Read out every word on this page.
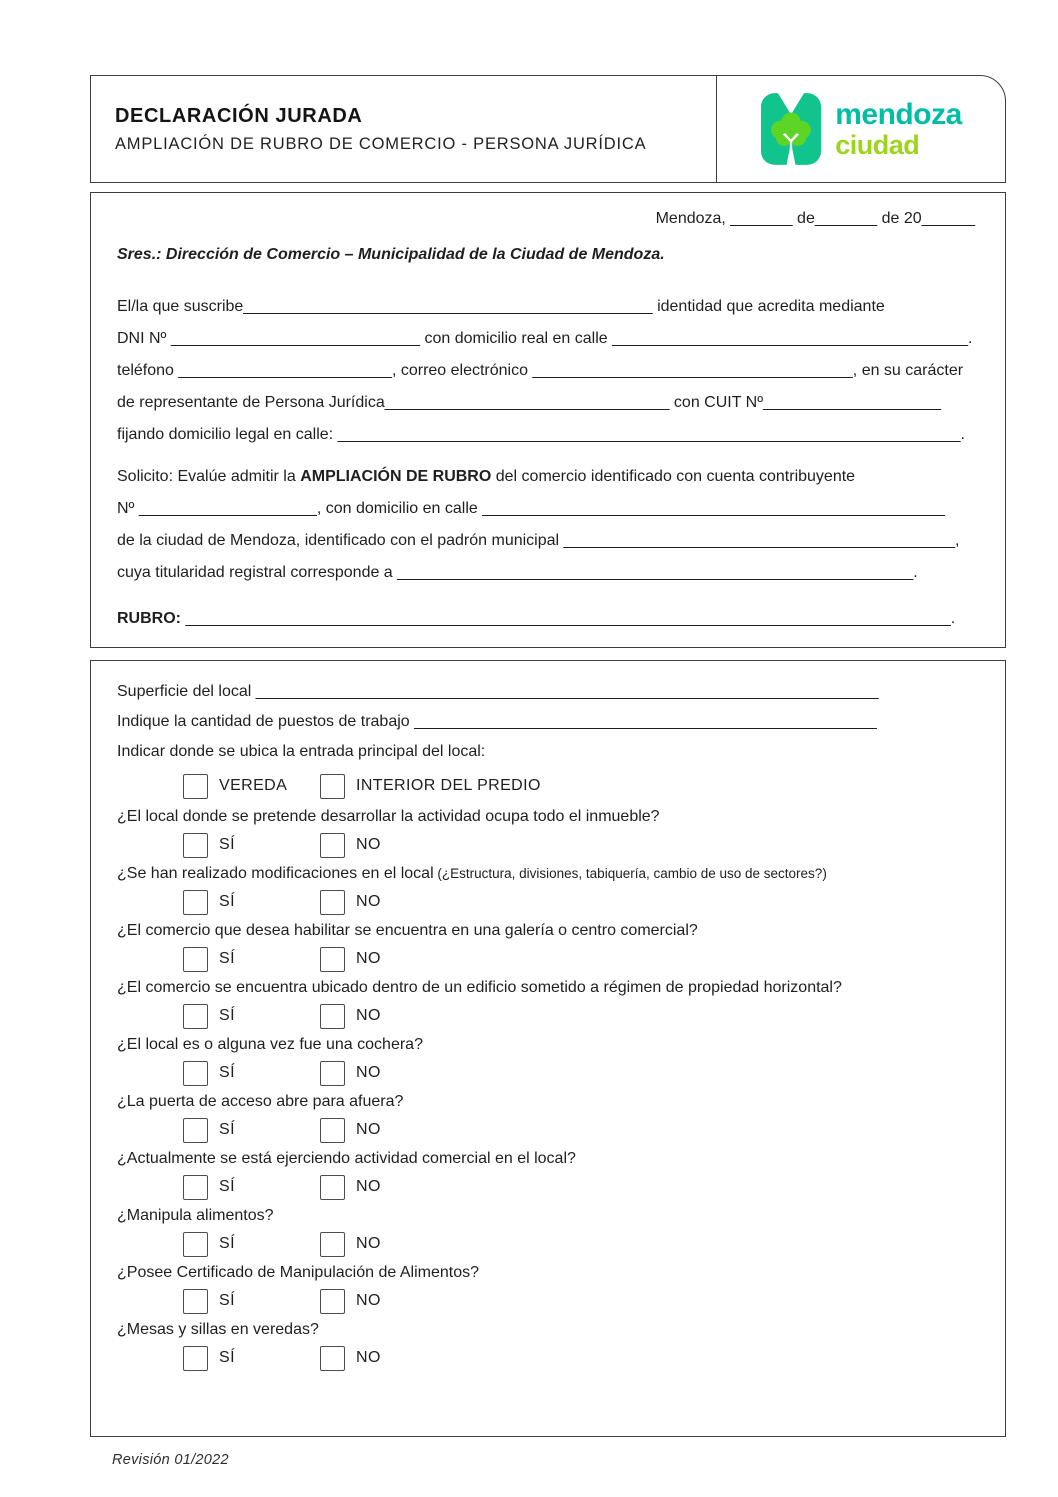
DECLARACIÓN JURADA
AMPLIACIÓN DE RUBRO DE COMERCIO - PERSONA JURÍDICA
mendoza
ciudad
Mendoza, _______ de_______ de 20______
Sres.: Dirección de Comercio – Municipalidad de la Ciudad de Mendoza.
El/la que suscribe______________________________________________ identidad que acredita mediante
DNI Nº ____________________________ con domicilio real en calle ________________________________________.
teléfono ________________________, correo electrónico ____________________________________, en su carácter
de representante de Persona Jurídica________________________________ con CUIT Nº____________________
fijando domicilio legal en calle: ______________________________________________________________________.
Solicito: Evalúe admitir la AMPLIACIÓN DE RUBRO del comercio identificado con cuenta contribuyente
Nº ____________________, con domicilio en calle ____________________________________________________
de la ciudad de Mendoza, identificado con el padrón municipal ____________________________________________,
cuya titularidad registral corresponde a __________________________________________________________.
RUBRO: ______________________________________________________________________________________.
Superficie del local ______________________________________________________________________
Indique la cantidad de puestos de trabajo ____________________________________________________
Indicar donde se ubica la entrada principal del local:
VEREDA	INTERIOR DEL PREDIO
¿El local donde se pretende desarrollar la actividad ocupa todo el inmueble?
SÍ	NO
¿Se han realizado modificaciones en el local (¿Estructura, divisiones, tabiquería, cambio de uso de sectores?)
SÍ	NO
¿El comercio que desea habilitar se encuentra en una galería o centro comercial?
SÍ	NO
¿El comercio se encuentra ubicado dentro de un edificio sometido a régimen de propiedad horizontal?
SÍ	NO
¿El local es o alguna vez fue una cochera?
SÍ	NO
¿La puerta de acceso abre para afuera?
SÍ	NO
¿Actualmente se está ejerciendo actividad comercial en el local?
SÍ	NO
¿Manipula alimentos?
SÍ	NO
¿Posee Certificado de Manipulación de Alimentos?
SÍ	NO
¿Mesas y sillas en veredas?
SÍ	NO
Revisión 01/2022
